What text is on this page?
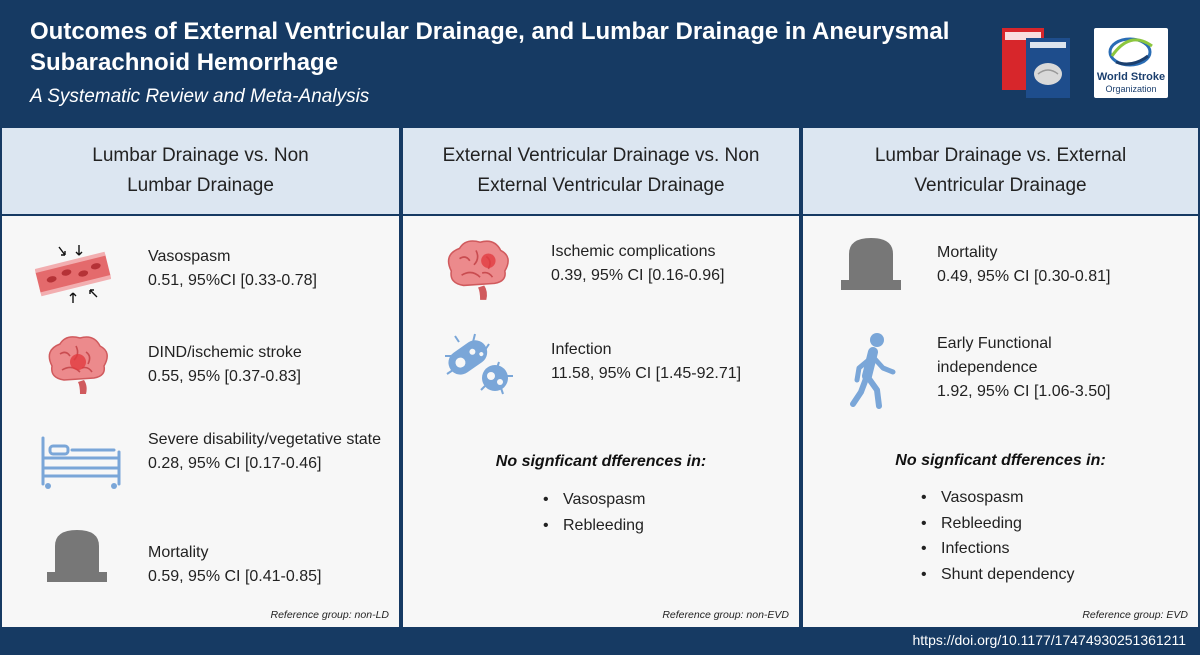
Outcomes of External Ventricular Drainage, and Lumbar Drainage in Aneurysmal Subarachnoid Hemorrhage
A Systematic Review and Meta-Analysis
World Stroke
Organization
Lumbar Drainage vs. Non Lumbar Drainage
Vasospasm
0.51, 95%CI [0.33-0.78]
DIND/ischemic stroke
0.55, 95% [0.37-0.83]
Severe disability/vegetative state
0.28, 95% CI [0.17-0.46]
Mortality
0.59, 95% CI [0.41-0.85]
Reference group: non-LD
External Ventricular Drainage vs. Non External Ventricular Drainage
Ischemic complications
0.39, 95% CI [0.16-0.96]
Infection
11.58, 95% CI [1.45-92.71]
No signficant dfferences in:
• Vasospasm
• Rebleeding
Reference group: non-EVD
Lumbar Drainage vs. External Ventricular Drainage
Mortality
0.49, 95% CI [0.30-0.81]
Early Functional independence
1.92, 95% CI [1.06-3.50]
No signficant dfferences in:
• Vasospasm
• Rebleeding
• Infections
• Shunt dependency
Reference group: EVD
https://doi.org/10.1177/17474930251361211
